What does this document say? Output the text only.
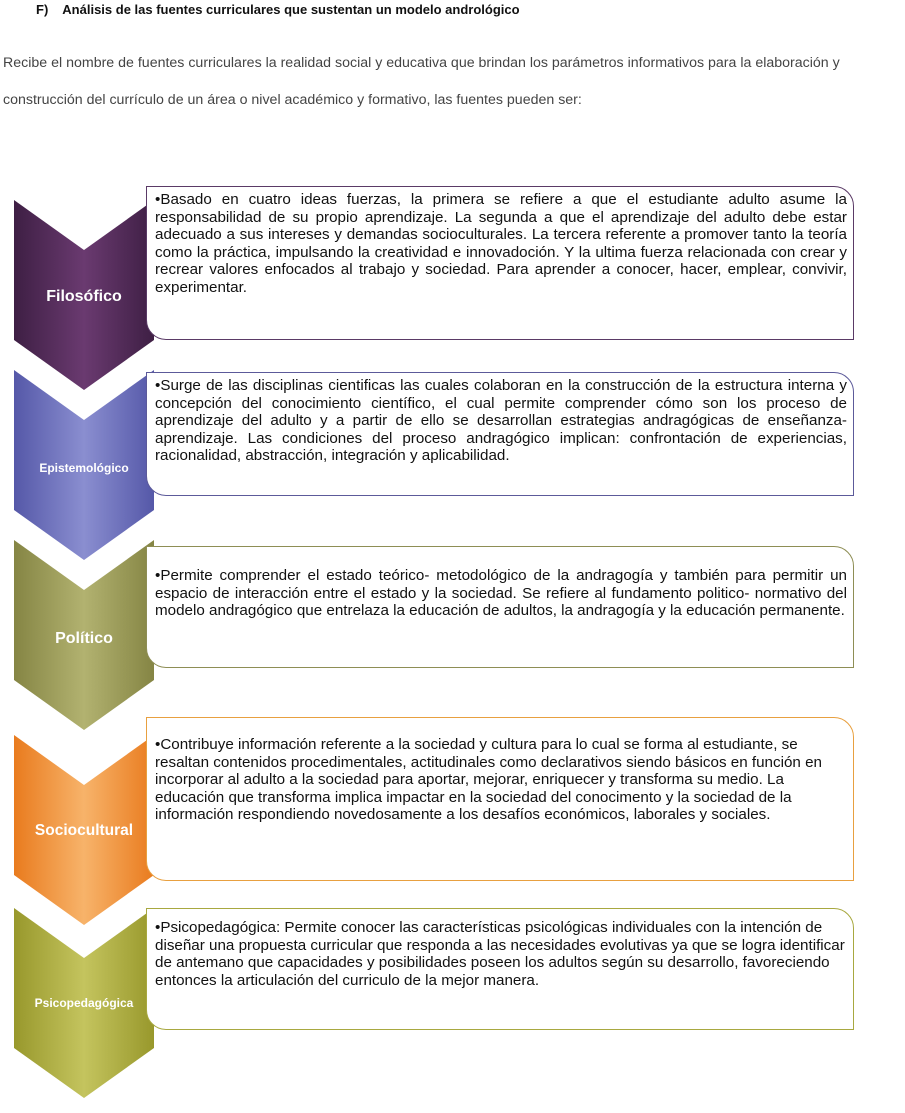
F) Análisis de las fuentes curriculares que sustentan un modelo andrológico
Recibe el nombre de fuentes curriculares la realidad social y educativa que brindan los parámetros informativos para la elaboración y construcción del currículo de un área o nivel académico y formativo, las fuentes pueden ser:
Filosófico
Epistemológico
Político
Sociocultural
Psicopedagógica

•Basado en cuatro ideas fuerzas, la primera se refiere a que el estudiante adulto asume la responsabilidad de su propio aprendizaje. La segunda a que el aprendizaje del adulto debe estar adecuado a sus intereses y demandas socioculturales. La tercera referente a promover tanto la teoría como la práctica, impulsando la creatividad e innovadoción. Y la ultima fuerza relacionada con crear y recrear valores enfocados al trabajo y sociedad. Para aprender a conocer, hacer, emplear, convivir, experimentar.

•Surge de las disciplinas cientificas las cuales colaboran en la construcción de la estructura interna y concepción del conocimiento científico, el cual permite comprender cómo son los proceso de aprendizaje del adulto y a partir de ello se desarrollan estrategias andragógicas de enseñanza- aprendizaje. Las condiciones del proceso andragógico implican: confrontación de experiencias, racionalidad, abstracción, integración y aplicabilidad.

•Permite comprender el estado teórico- metodológico de la andragogía y también para permitir un espacio de interacción entre el estado y la sociedad. Se refiere al fundamento politico- normativo del modelo andragógico que entrelaza la educación de adultos, la andragogía y la educación permanente.

•Contribuye información referente a la sociedad y cultura para lo cual se forma al estudiante, se resaltan contenidos procedimentales, actitudinales como declarativos siendo básicos en función en incorporar al adulto a la sociedad para aportar, mejorar, enriquecer y transforma su medio. La educación que transforma implica impactar en la sociedad del conocimento y la sociedad de la información respondiendo novedosamente a los desafíos económicos, laborales y sociales.

•Psicopedagógica: Permite conocer las características psicológicas individuales con la intención de diseñar una propuesta curricular que responda a las necesidades evolutivas ya que se logra identificar de antemano que capacidades y posibilidades poseen los adultos según su desarrollo, favoreciendo entonces la articulación del curriculo de la mejor manera.
